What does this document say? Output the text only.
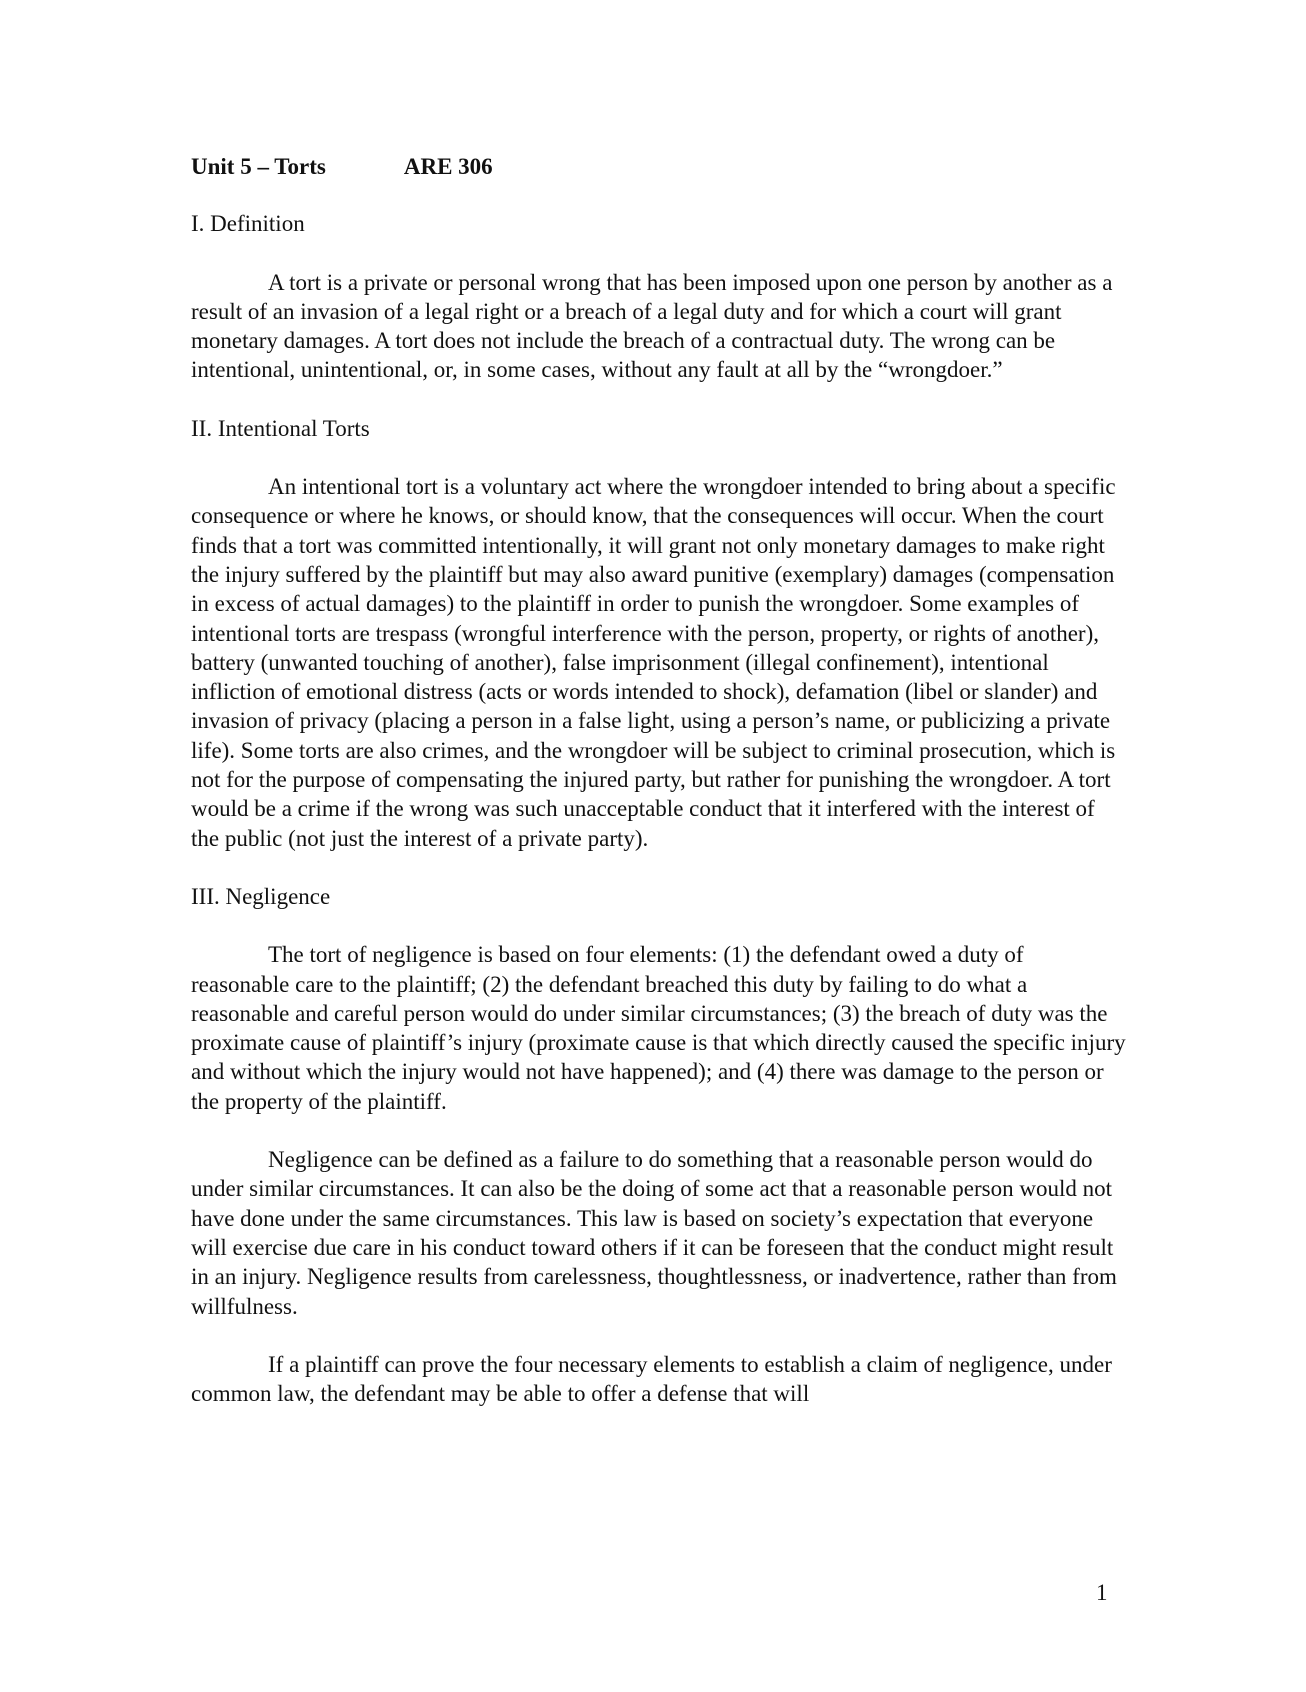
Unit 5 – Torts	ARE 306
I. Definition

A tort is a private or personal wrong that has been imposed upon one person by another as a result of an invasion of a legal right or a breach of a legal duty and for which a court will grant monetary damages. A tort does not include the breach of a contractual duty. The wrong can be intentional, unintentional, or, in some cases, without any fault at all by the “wrongdoer.”

II. Intentional Torts

An intentional tort is a voluntary act where the wrongdoer intended to bring about a specific consequence or where he knows, or should know, that the consequences will occur. When the court finds that a tort was committed intentionally, it will grant not only monetary damages to make right the injury suffered by the plaintiff but may also award punitive (exemplary) damages (compensation in excess of actual damages) to the plaintiff in order to punish the wrongdoer. Some examples of intentional torts are trespass (wrongful interference with the person, property, or rights of another), battery (unwanted touching of another), false imprisonment (illegal confinement), intentional infliction of emotional distress (acts or words intended to shock), defamation (libel or slander) and invasion of privacy (placing a person in a false light, using a person’s name, or publicizing a private life). Some torts are also crimes, and the wrongdoer will be subject to criminal prosecution, which is not for the purpose of compensating the injured party, but rather for punishing the wrongdoer. A tort would be a crime if the wrong was such unacceptable conduct that it interfered with the interest of the public (not just the interest of a private party).

III. Negligence

The tort of negligence is based on four elements: (1) the defendant owed a duty of reasonable care to the plaintiff; (2) the defendant breached this duty by failing to do what a reasonable and careful person would do under similar circumstances; (3) the breach of duty was the proximate cause of plaintiff’s injury (proximate cause is that which directly caused the specific injury and without which the injury would not have happened); and (4) there was damage to the person or the property of the plaintiff.

Negligence can be defined as a failure to do something that a reasonable person would do under similar circumstances. It can also be the doing of some act that a reasonable person would not have done under the same circumstances. This law is based on society’s expectation that everyone will exercise due care in his conduct toward others if it can be foreseen that the conduct might result in an injury. Negligence results from carelessness, thoughtlessness, or inadvertence, rather than from willfulness.

If a plaintiff can prove the four necessary elements to establish a claim of negligence, under common law, the defendant may be able to offer a defense that will

1
